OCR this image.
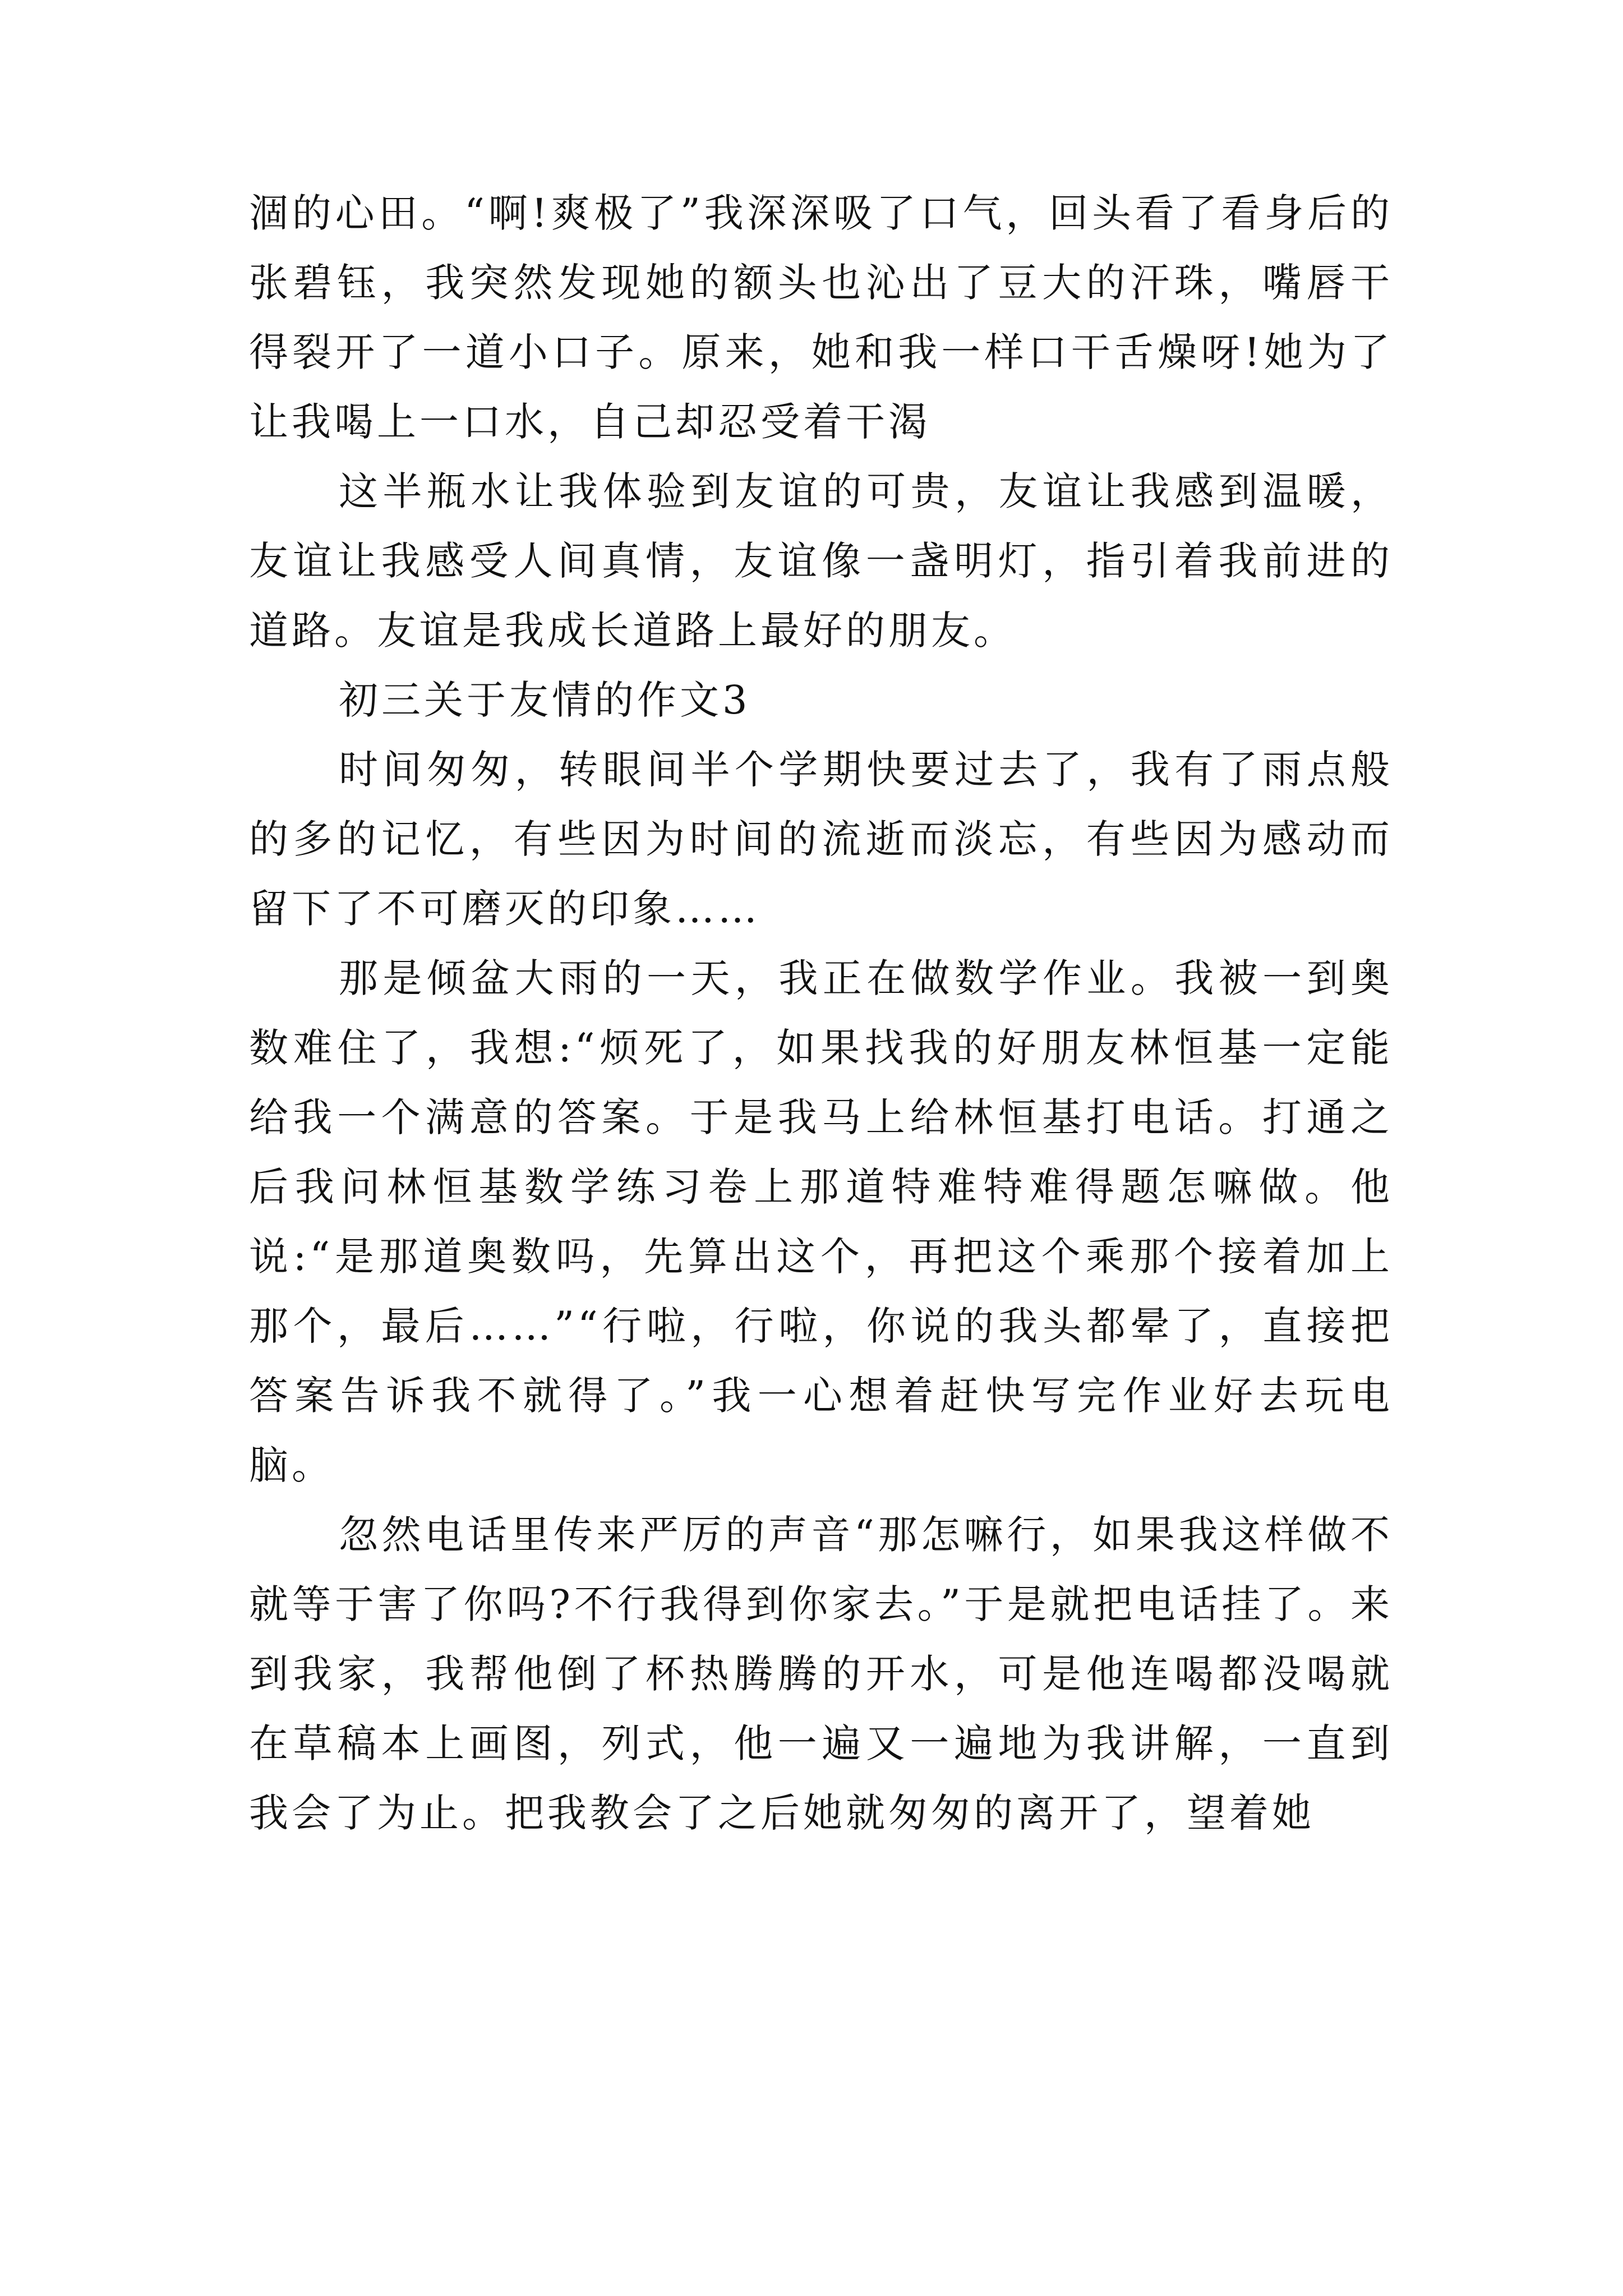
涸的心田。“啊!爽极了”我深深吸了口气，回头看了看身后的张碧钰，我突然发现她的额头也沁出了豆大的汗珠，嘴唇干得裂开了一道小口子。原来，她和我一样口干舌燥呀!她为了让我喝上一口水，自己却忍受着干渴

这半瓶水让我体验到友谊的可贵，友谊让我感到温暖，友谊让我感受人间真情，友谊像一盏明灯，指引着我前进的道路。友谊是我成长道路上最好的朋友。

初三关于友情的作文3

时间匆匆，转眼间半个学期快要过去了，我有了雨点般的多的记忆，有些因为时间的流逝而淡忘，有些因为感动而留下了不可磨灭的印象……

那是倾盆大雨的一天，我正在做数学作业。我被一到奥数难住了，我想:“烦死了，如果找我的好朋友林恒基一定能给我一个满意的答案。于是我马上给林恒基打电话。打通之后我问林恒基数学练习卷上那道特难特难得题怎嘛做。他说:“是那道奥数吗，先算出这个，再把这个乘那个接着加上那个，最后……”“行啦，行啦，你说的我头都晕了，直接把答案告诉我不就得了。”我一心想着赶快写完作业好去玩电脑。

忽然电话里传来严厉的声音“那怎嘛行，如果我这样做不就等于害了你吗?不行我得到你家去。”于是就把电话挂了。来到我家，我帮他倒了杯热腾腾的开水，可是他连喝都没喝就在草稿本上画图，列式，他一遍又一遍地为我讲解，一直到我会了为止。把我教会了之后她就匆匆的离开了，望着她
